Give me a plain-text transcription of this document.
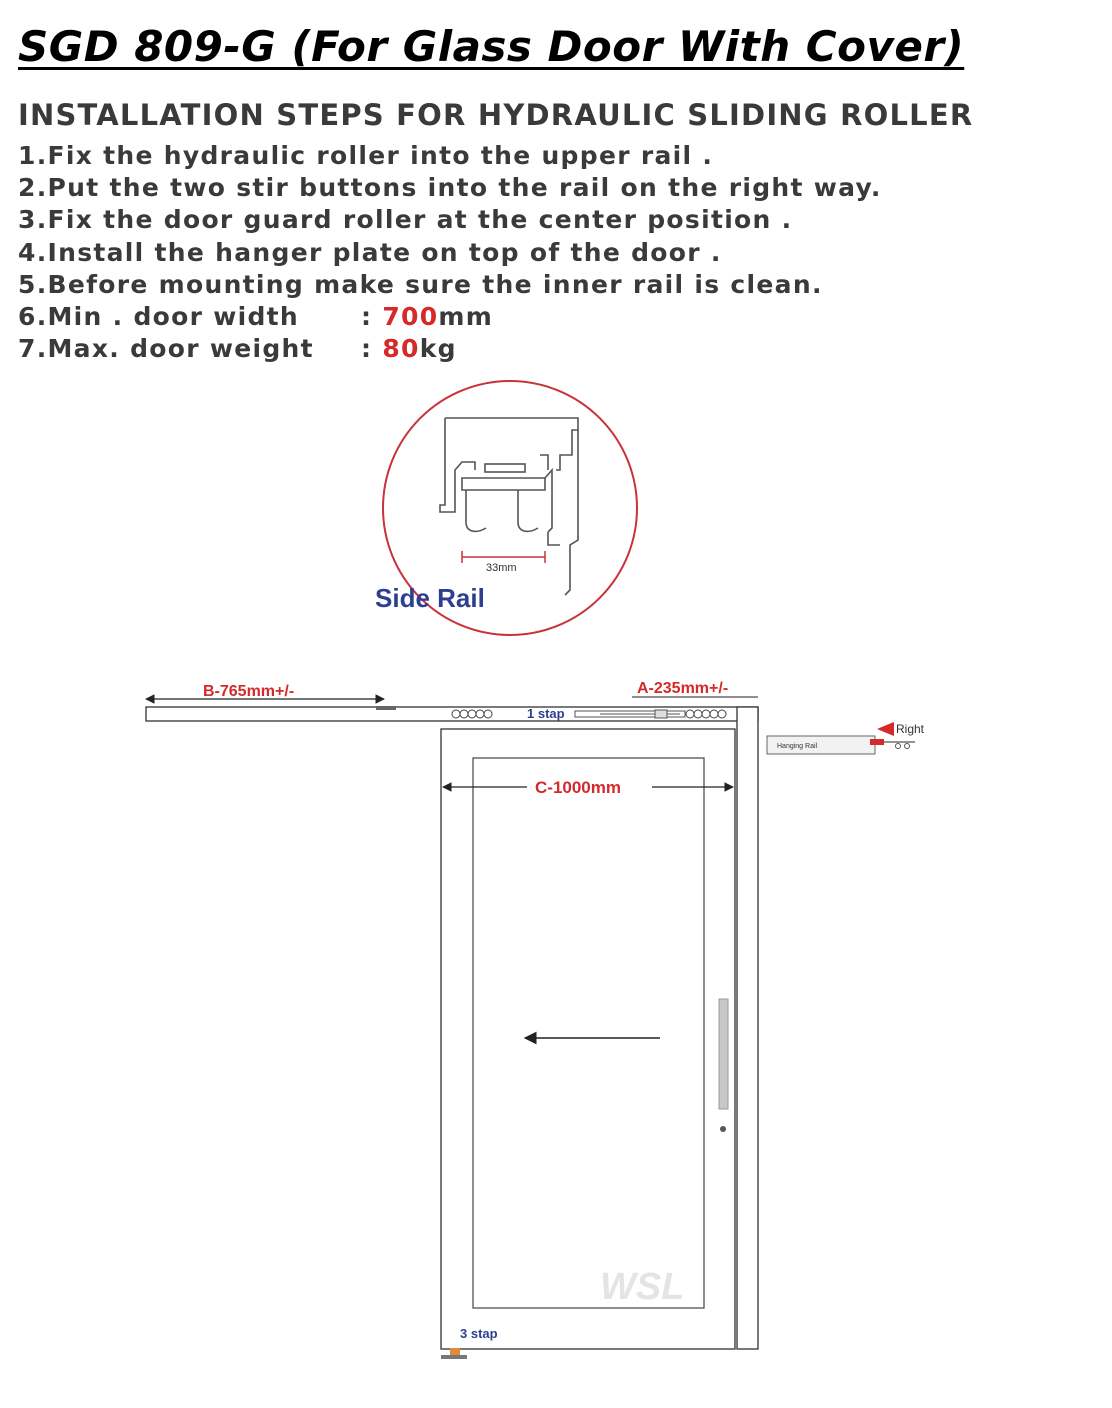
SGD 809-G (For Glass Door With Cover)
INSTALLATION STEPS FOR HYDRAULIC SLIDING ROLLER
1.Fix the hydraulic roller into the upper rail .
2.Put the two stir buttons into the rail on the right way.
3.Fix the door guard roller at the center position .
4.Install the hanger plate on top of the door .
5.Before mounting make sure the inner rail is clean.
6.Min . door width : 700mm
7.Max. door weight : 80kg
33mm
Side Rail
B-765mm+/-	A-235mm+/-
1 stap
C-1000mm
WSL
3 stap
Hanging Rail
Right
